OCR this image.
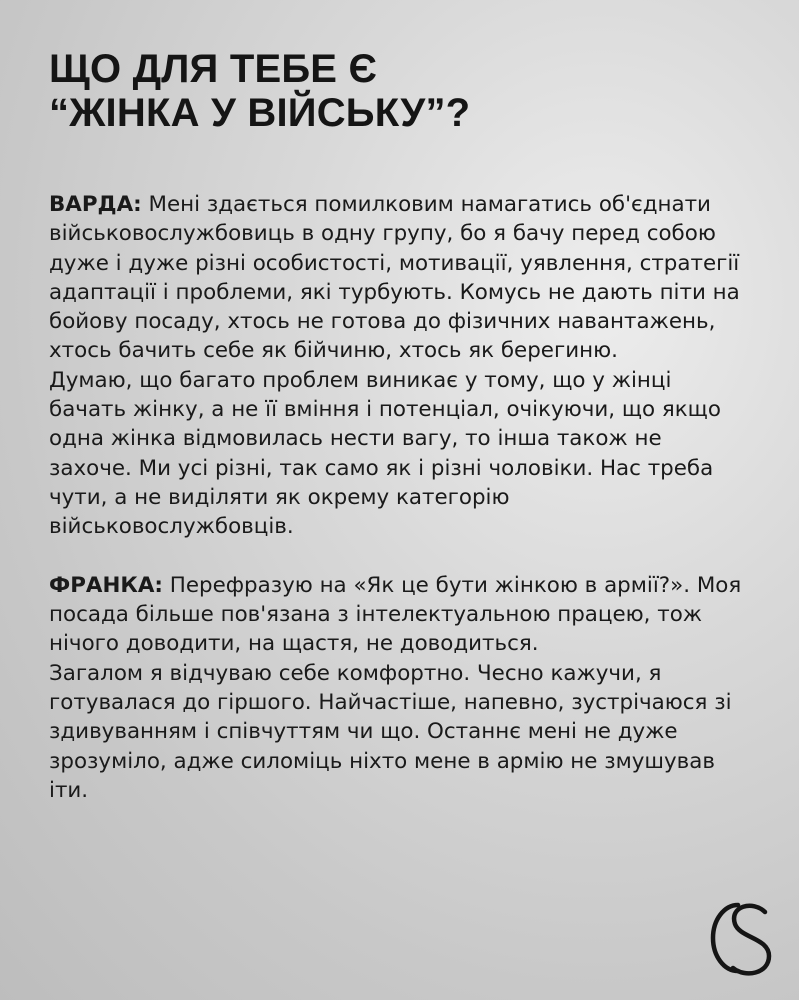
ЩО ДЛЯ ТЕБЕ Є
“ЖІНКА У ВІЙСЬКУ”?

ВАРДА: Мені здається помилковим намагатись об'єднати військовослужбовиць в одну групу, бо я бачу перед собою дуже і дуже різні особистості, мотивації, уявлення, стратегії адаптації і проблеми, які турбують. Комусь не дають піти на бойову посаду, хтось не готова до фізичних навантажень, хтось бачить себе як бійчиню, хтось як берегиню.

Думаю, що багато проблем виникає у тому, що у жінці бачать жінку, а не її вміння і потенціал, очікуючи, що якщо одна жінка відмовилась нести вагу, то інша також не захоче. Ми усі різні, так само як і різні чоловіки. Нас треба чути, а не виділяти як окрему категорію військовослужбовців.

ФРАНКА: Перефразую на «Як це бути жінкою в армії?». Моя посада більше пов'язана з інтелектуальною працею, тож нічого доводити, на щастя, не доводиться.

Загалом я відчуваю себе комфортно. Чесно кажучи, я готувалася до гіршого. Найчастіше, напевно, зустрічаюся зі здивуванням і співчуттям чи що. Останнє мені не дуже зрозуміло, адже силоміць ніхто мене в армію не змушував іти.
